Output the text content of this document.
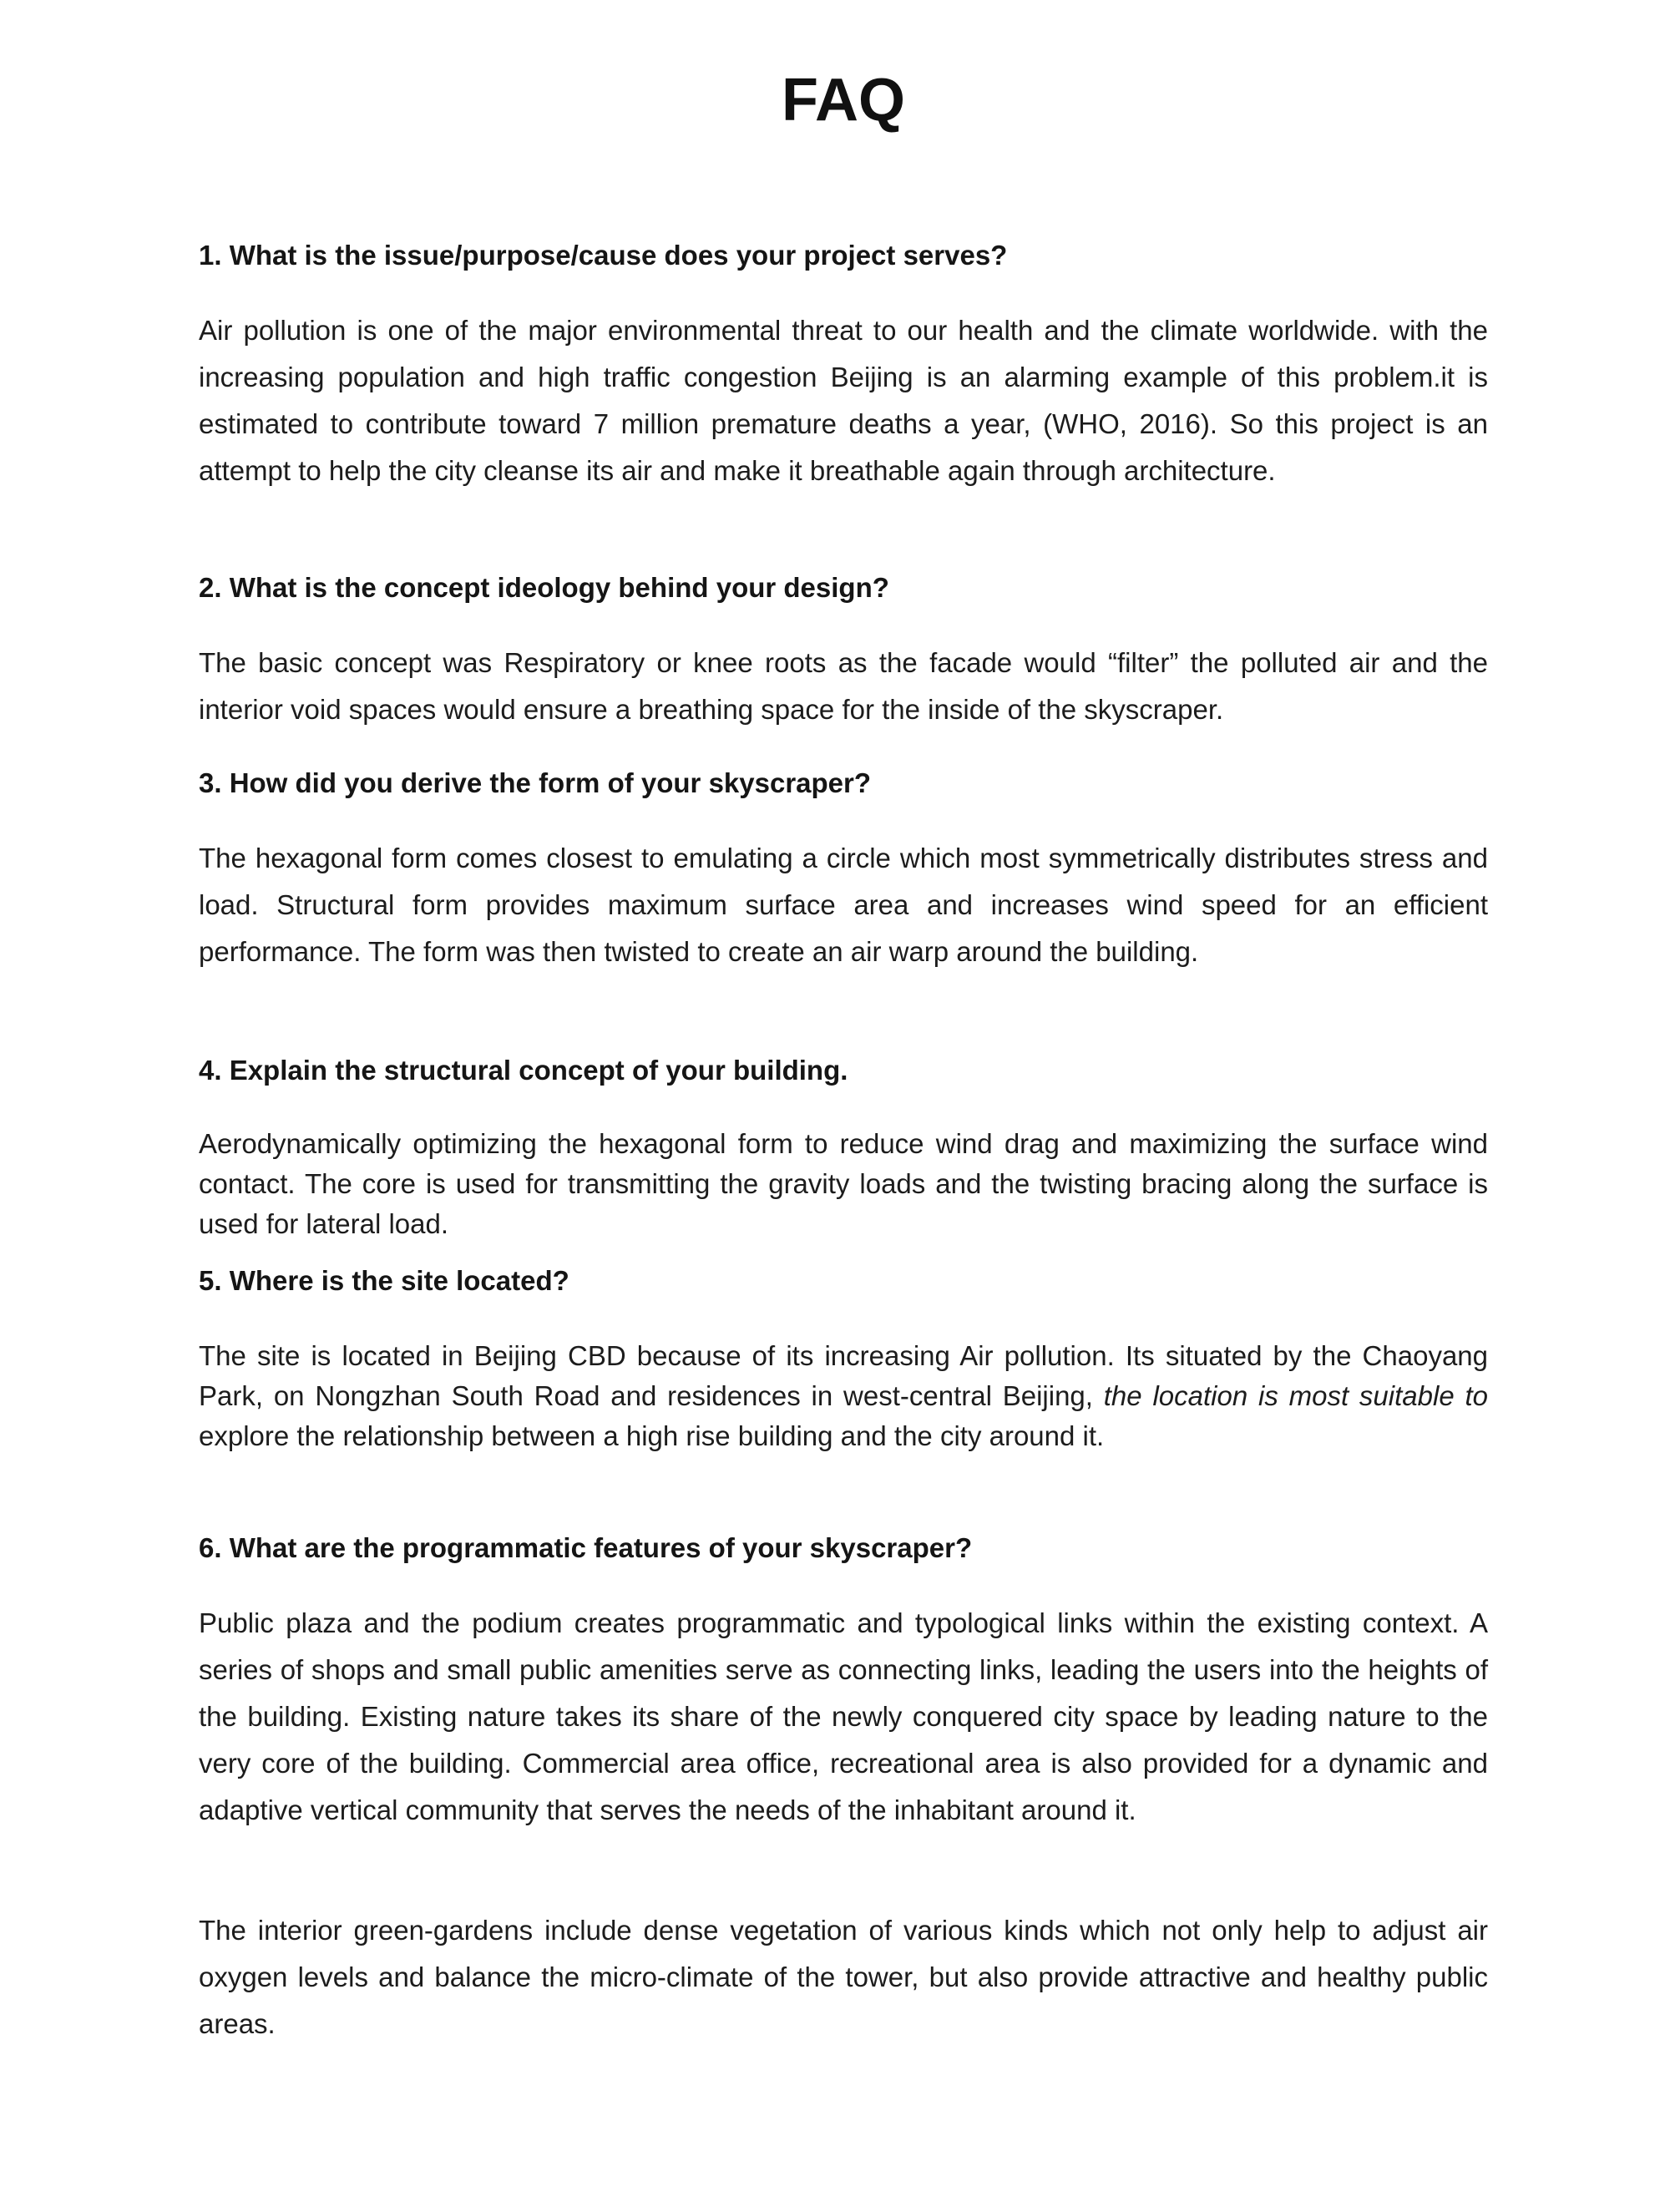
FAQ
1. What is the issue/purpose/cause does your project serves?
Air pollution is one of the major environmental threat to our health and the climate worldwide. with the increasing population and high traffic congestion Beijing is an alarming example of this problem.it is estimated to contribute toward 7 million premature deaths a year, (WHO, 2016). So this project is an attempt to help the city cleanse its air and make it breathable again through architecture.
2. What is the concept ideology behind your design?
The basic concept was Respiratory or knee roots as the facade would “filter” the polluted air and the interior void spaces would ensure a breathing space for the inside of the skyscraper.
3. How did you derive the form of your skyscraper?
The hexagonal form comes closest to emulating a circle which most symmetrically distributes stress and load. Structural form provides maximum surface area and increases wind speed for an efficient performance. The form was then twisted to create an air warp around the building.
4. Explain the structural concept of your building.
Aerodynamically optimizing the hexagonal form to reduce wind drag and maximizing the surface wind contact. The core is used for transmitting the gravity loads and the twisting bracing along the surface is used for lateral load.
5. Where is the site located?
The site is located in Beijing CBD because of its increasing Air pollution. Its situated by the Chaoyang Park, on Nongzhan South Road and residences in west-central Beijing, the location is most suitable to explore the relationship between a high rise building and the city around it.
6. What are the programmatic features of your skyscraper?
Public plaza and the podium creates programmatic and typological links within the existing context. A series of shops and small public amenities serve as connecting links, leading the users into the heights of the building. Existing nature takes its share of the newly conquered city space by leading nature to the very core of the building. Commercial area office, recreational area is also provided for a dynamic and adaptive vertical community that serves the needs of the inhabitant around it.
The interior green-gardens include dense vegetation of various kinds which not only help to adjust air oxygen levels and balance the micro-climate of the tower, but also provide attractive and healthy public areas.
